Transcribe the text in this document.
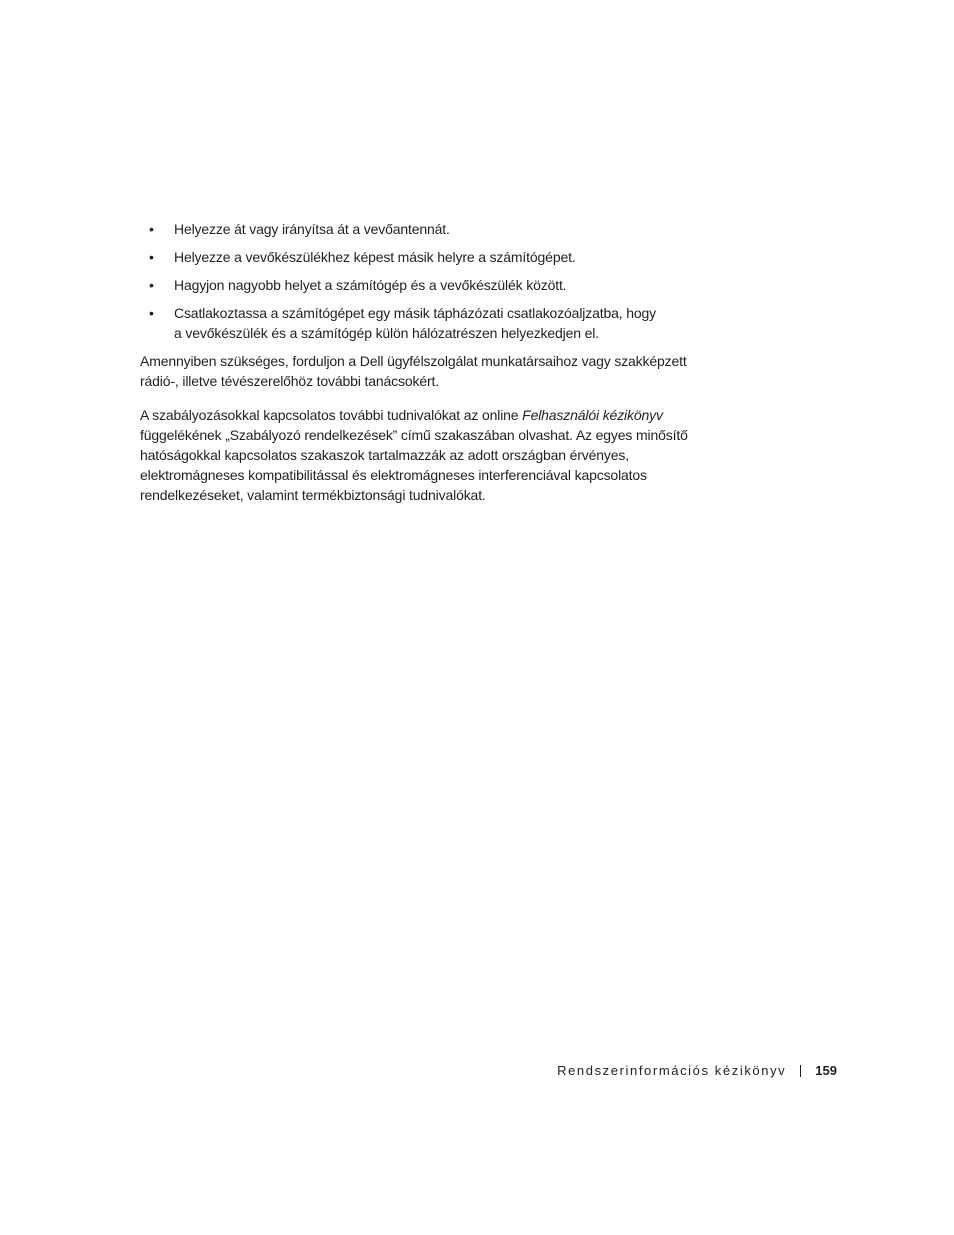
• Helyezze át vagy irányítsa át a vevőantennát.
• Helyezze a vevőkészülékhez képest másik helyre a számítógépet.
• Hagyjon nagyobb helyet a számítógép és a vevőkészülék között.
• Csatlakoztassa a számítógépet egy másik tápházózati csatlakozóaljzatba, hogy
a vevőkészülék és a számítógép külön hálózatrészen helyezkedjen el.

Amennyiben szükséges, forduljon a Dell ügyfélszolgálat munkatársaihoz vagy szakképzett
rádió-, illetve tévészerelőhöz további tanácsokért.

A szabályozásokkal kapcsolatos további tudnivalókat az online Felhasználói kézikönyv
függelékének „Szabályozó rendelkezések” című szakaszában olvashat. Az egyes minősítő
hatóságokkal kapcsolatos szakaszok tartalmazzák az adott országban érvényes,
elektromágneses kompatibilitással és elektromágneses interferenciával kapcsolatos
rendelkezéseket, valamint termékbiztonsági tudnivalókat.

Rendszerinformációs kézikönyv 159
